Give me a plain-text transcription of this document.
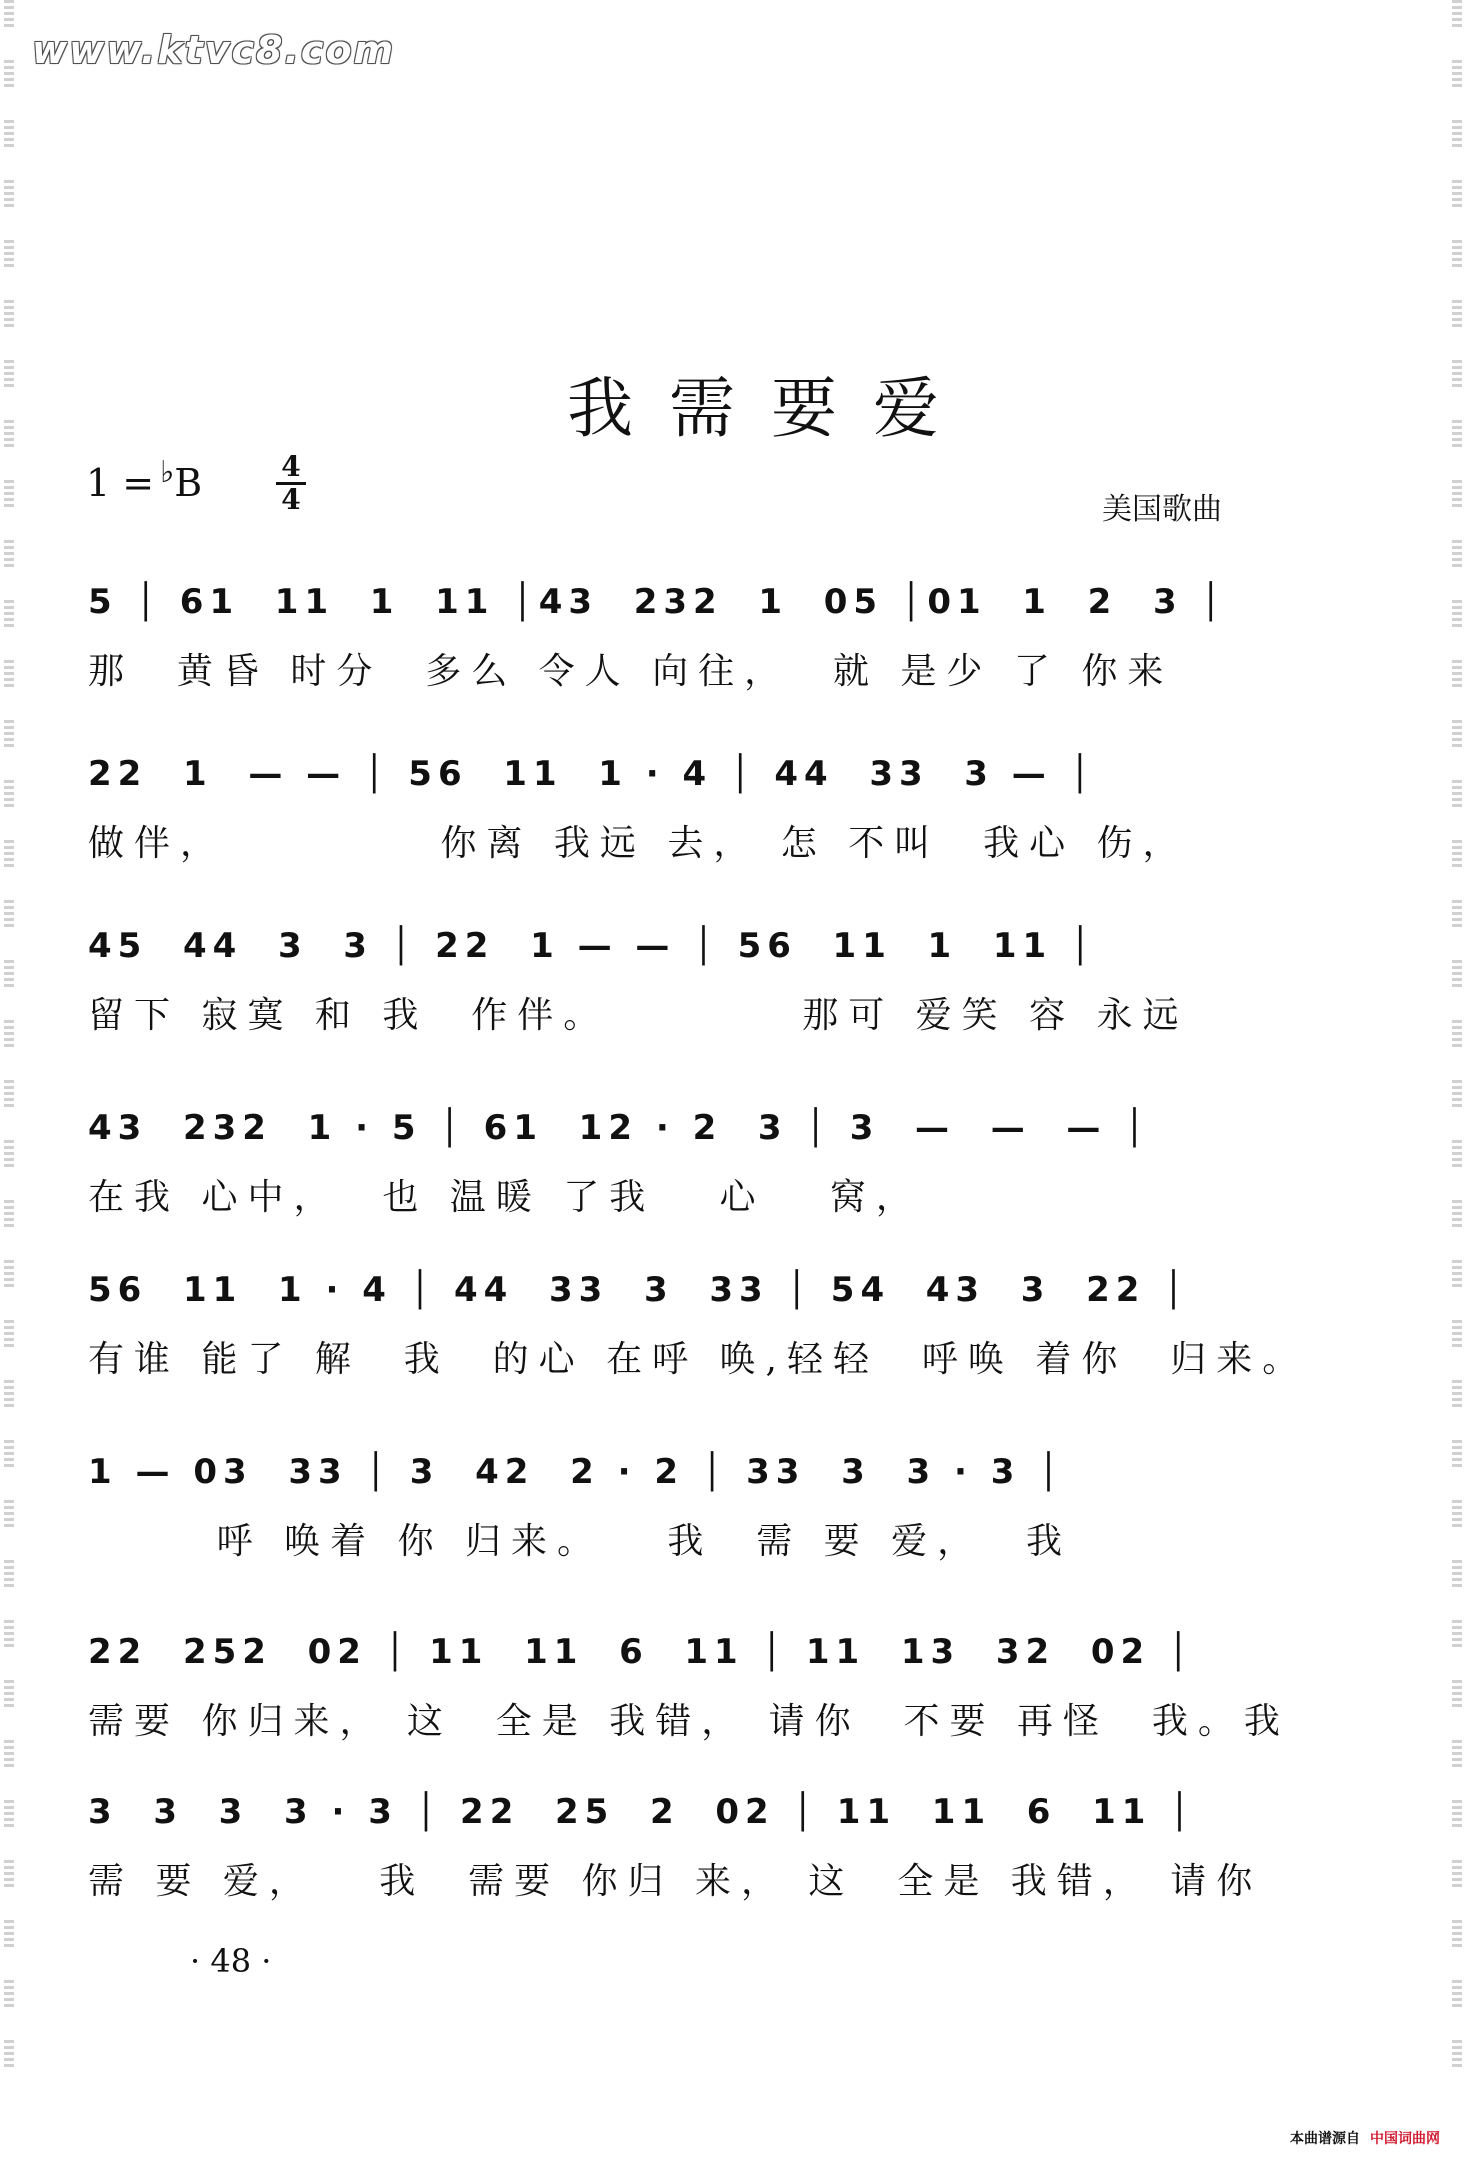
www.ktvc8.com
我需要爱
1 = ♭B	4
4	美国歌曲
5 │ 61  11  1  11 │43  232  1  05 │01  1  2  3 │
那  黄昏 时分  多么 令人 向往，  就 是少 了 你来
22  1  — — │ 56  11  1 · 4 │ 44  33  3 — │
做伴，          你离 我远 去， 怎 不叫  我心 伤，
45  44  3  3 │ 22  1 — — │ 56  11  1  11 │
留下 寂寞 和 我  作伴。         那可 爱笑 容 永远
43  232  1 · 5 │ 61  12 · 2  3 │ 3  —  —  — │
在我 心中，  也 温暖 了我   心   窝，
56  11  1 · 4 │ 44  33  3  33 │ 54  43  3  22 │
有谁 能了 解  我  的心 在呼 唤,轻轻  呼唤 着你  归来。
1 — 03  33 │ 3  42  2 · 2 │ 33  3  3 · 3 │
呼 唤着 你 归来。   我  需 要 爱，  我
22  252  02 │ 11  11  6  11 │ 11  13  32  02 │
需要 你归来， 这  全是 我错， 请你  不要 再怪  我。我
3  3  3  3 · 3 │ 22  25  2  02 │ 11  11  6  11 │
需 要 爱，   我  需要 你归 来， 这  全是 我错， 请你
· 48 ·
本曲谱源自 中国词曲网
